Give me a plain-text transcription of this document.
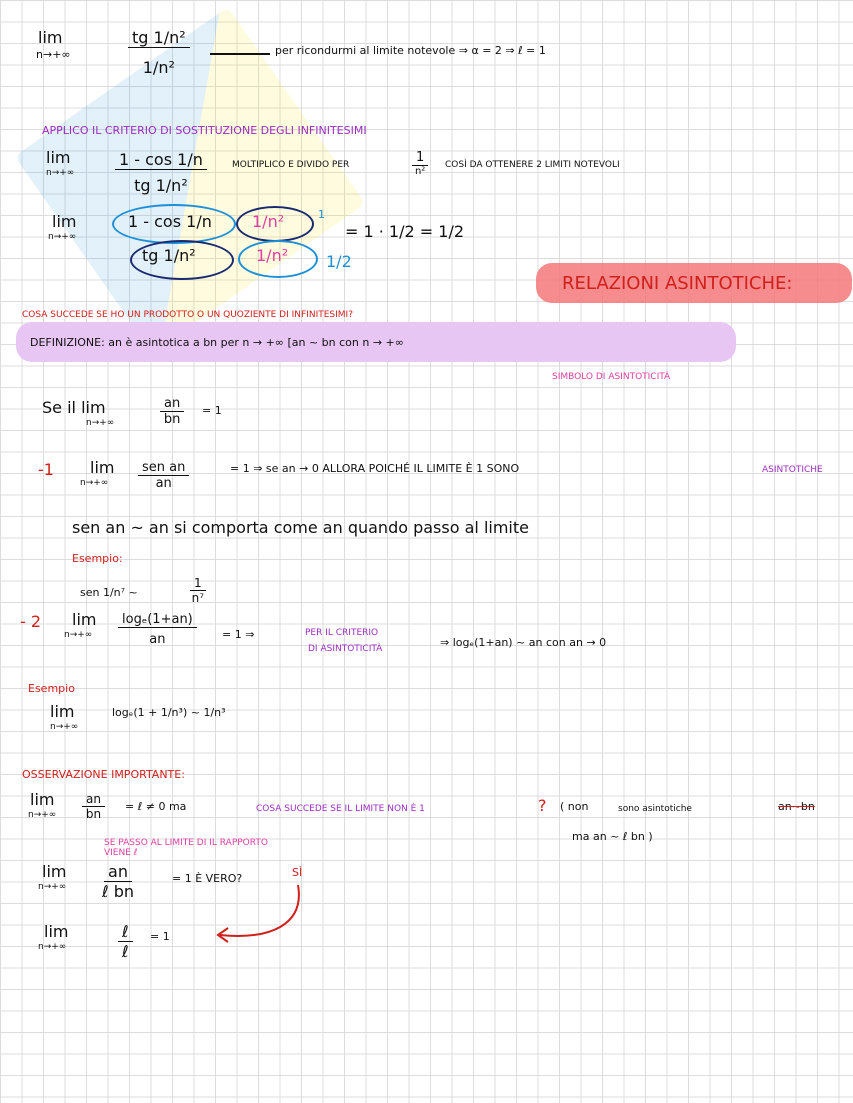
lim
n→+∞	$\frac{\text{tg 1/n²}}{\text{1/n²}}$	per ricondurmi al limite notevole ⇒ α = 2 ⇒ ℓ = 1
APPLICO IL CRITERIO DI SOSTITUZIONE DEGLI INFINITESIMI
lim
n→+∞	$\frac{1 - \cos 1/n}{\text{tg 1/n²}}$	MOLTIPLICO E DIVIDO PER	1
n²
COSÌ DA OTTENERE 2 LIMITI NOTEVOLI
lim
n→+∞
1 - cos 1/n
tg 1/n²
1/n²
1/n²
1
1/2
= 1 · 1/2 = 1/2
RELAZIONI ASINTOTICHE:
COSA SUCCEDE SE HO UN PRODOTTO O UN QUOZIENTE DI INFINITESIMI?
DEFINIZIONE: an è asintotica a bn per n → +∞ [an ~ bn con n → +∞
SIMBOLO DI ASINTOTICITÀ
Se il lim
n→+∞	$\frac{an}{bn} = 1$
-1 lim
n→+∞
sen an
an
= 1 ⇒ se an → 0 ALLORA POICHÉ IL LIMITE È 1 SONO	ASINTOTICHE
sen an ~ an si comporta come an quando passo al limite
Esempio:
sen 1/n⁷ ~	$\frac{1}{\text{n⁷}}$
- 2 lim
$n\to+\infty \frac{\text{logₑ(1+an)}}{an} = 1$ ⇒	PER IL CRITERIO
DI ASINTOTICITÀ	⇒ logₑ(1+an) ~ an con an → 0
Esempio
lim
n→+∞
logₑ(1 + 1/n³) ~ 1/n³
OSSERVAZIONE IMPORTANTE:
lim
$n\to+\infty \frac{an}{bn}$ = ℓ ≠ 0 ma	COSA SUCCEDE SE IL LIMITE NON È 1	? ( non	sono asintotiche	an~bn
ma an ~ ℓ bn )
SE PASSO AL LIMITE DI IL RAPPORTO VIENE ℓ
lim
n→+∞
an
ℓ bn
= 1 È VERO?	SÌ
lim
n→+∞
ℓ
ℓ
= 1
